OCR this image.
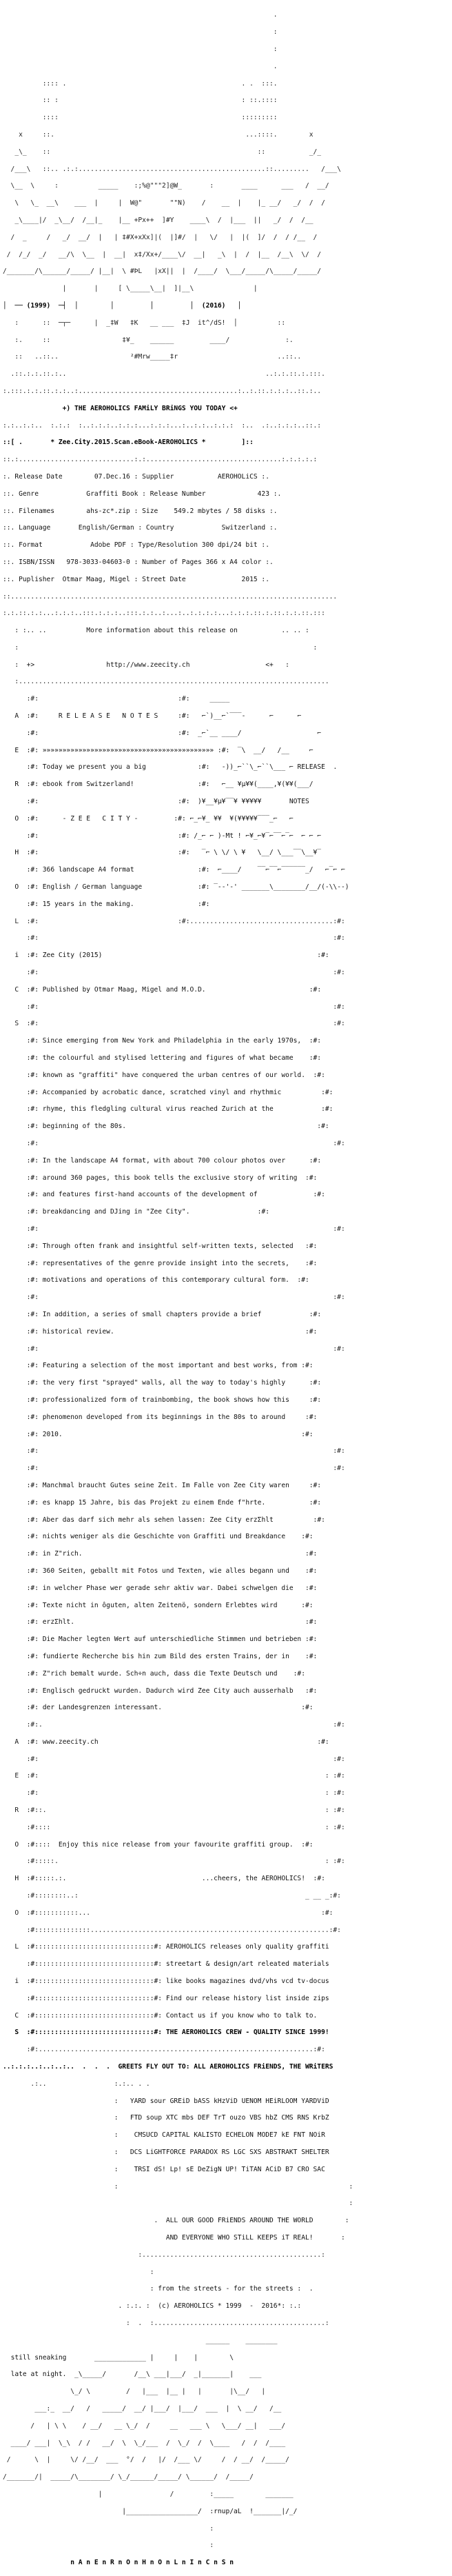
.

:

:

.

:::: .                                            . .  :::.

:: :                                              : ::.::::

::::                                              :::::::::

x     ::.                                                ...::::.        x

_\_    ::                                                    ::           _/_

/___\   ::.. .:.:...............................................::.........   /___\

\__  \     :          _____    :;%@"""2]@W_       :       ____      ___   /  __/

\   \_  __\    ___  |     |  W@"       ""N)    /    __  |    |_ __/   _/  /  /

_\____|/  _\__/  /__|_    |__ +Px++  ]#Y    ____\  /  |___  ||   _/  /  /__

/  _     /   _/  __/  |   | ‡#X+xXx]|(  |]#/  |   \/   |  |(  ]/  /  / /__  /

/  /_/  _/   __/\  \__  |  __|  x‡/Xx+/____\/  __|   _\  |  /  |__  /__\  \/  /

/_______/\______/_____/ |__|  \ #ÞL   |xX||  |  /____/  \___/_____/\_____/_____/

|       |     [ \_____\__|  ]|__\               |

│  ── (1999)  ─┤  │        │         │         │  (2016)   │

:      ::  ─┬─      |  _‡W   ‡K   __ ___  ‡J  it^/dS!  │          ::

:.     ::                  ‡¥_    ______         ____/              :.

::   ..::..                  ²#Mrw_____‡r                         ..::..

.::.:.:.::.:..                                                  ..:.:.::.:.:::.

:.:::.:.:.::.:.:..:........................................:..:.::.:.:.:..::.:..

+) THE AEROHOLICS FAMiLY BRiNGS YOU TODAY <+

:.:..:.:..  :.:.:  :..:.:.:..:.:.:...:.:.:...:..:.:..:.:.:  :..  .:..:.:.:..::.:

::[ .       * Zee.City.2015.Scan.eBook-AEROHOLICS *         ]::

::.:.............................:.:..................................:.:.:.:.:

:. Release Date        07.Dec.16 : Supplier           AEROHOLiCS :.

::. Genre            Graffiti Book : Release Number             423 :.

::. Filenames        ahs-zc*.zip : Size    549.2 mbytes / 58 disks :.

::. Language       English/German : Country            Switzerland :.

::. Format            Adobe PDF : Type/Resolution 300 dpi/24 bit :.

::. ISBN/ISSN   978-3033-04603-0 : Number of Pages 366 x A4 color :.

::. Puplisher  Otmar Maag, Migel : Street Date              2015 :.

::..................................................................................

:.:.::.:.:...:.:.:..:::.:.:.:..:::.:.:..:...:..:.:.:.:...:.:.:.::.:.::.:.:.::.:::

: :.. ..          More information about this release on           .. .. :

:                                                                          :

:  +>                  http://www.zeecity.ch                   <+   :

:..............................................................................

:#:                                   :#:     _____

A  :#:     R E L E A S E   N O T E S     :#:   ⌐`)__⌐`‾‾‾-      ⌐      ⌐

:#:                                   :#:  _⌐`__ ____/                   ⌐

E  :#: »»»»»»»»»»»»»»»»»»»»»»»»»»»»»»»»»»»»»»»»»»» :#:  ‾\  __/   /__     ⌐

:#: Today we present you a big             :#:   -))_⌐``\_⌐``\___ ⌐ RELEASE  .

R  :#: ebook from Switzerland!                :#:   ⌐__ ¥µ¥¥(____,¥(¥¥(___/

:#:                                   :#:  )¥__¥µ¥‾‾¥ ¥¥¥¥¥       NOTES

O  :#:      - Z E E   C I T Y -         :#: ⌐_⌐¥_ ¥¥  ¥(¥¥¥¥¥‾‾‾_⌐   ⌐

:#:                                   :#: /_⌐ ⌐ )-Mt ! ⌐¥_⌐¥‾⌐‾‾⌐‾⌐  ⌐ ⌐ ⌐

H  :#:                                   :#:   ‾⌐ \ \/ \ ¥   \__/ \___‾‾\__¥‾

:#: 366 landscape A4 format                :#:  ⌐____/    ‾‾⌐‾‾⌐‾‾‾‾‾‾_/   ⌐‾⌐ ⌐

O  :#: English / German language              :#: ‾--'-' _______\________/__/(-\\--)

:#: 15 years in the making.                :#:

L  :#:                                   :#:....................................:#:

:#:                                                                          :#:

i  :#: Zee City (2015)                                                      :#:

:#:                                                                          :#:

C  :#: Published by Otmar Maag, Migel and M.O.D.                          :#:

:#:                                                                          :#:

S  :#:                                                                          :#:

:#: Since emerging from New York and Philadelphia in the early 1970s,  :#:

:#: the colourful and stylised lettering and figures of what became    :#:

:#: known as "graffiti" have conquered the urban centres of our world.  :#:

:#: Accompanied by acrobatic dance, scratched vinyl and rhythmic          :#:

:#: rhyme, this fledgling cultural virus reached Zurich at the            :#:

:#: beginning of the 80s.                                                :#:

:#:                                                                          :#:

:#: In the landscape A4 format, with about 700 colour photos over      :#:

:#: around 360 pages, this book tells the exclusive story of writing  :#:

:#: and features first-hand accounts of the development of              :#:

:#: breakdancing and DJing in "Zee City".                 :#:

:#:                                                                          :#:

:#: Through often frank and insightful self-written texts, selected   :#:

:#: representatives of the genre provide insight into the secrets,    :#:

:#: motivations and operations of this contemporary cultural form.  :#:

:#:                                                                          :#:

:#: In addition, a series of small chapters provide a brief            :#:

:#: historical review.                                                :#:

:#:                                                                          :#:

:#: Featuring a selection of the most important and best works, from :#:

:#: the very first "sprayed" walls, all the way to today's highly      :#:

:#: professionalized form of trainbombing, the book shows how this     :#:

:#: phenomenon developed from its beginnings in the 80s to around     :#:

:#: 2010.                                                            :#:

:#:                                                                          :#:

:#:                                                                          :#:

:#: Manchmal braucht Gutes seine Zeit. Im Falle von Zee City waren     :#:

:#: es knapp 15 Jahre, bis das Projekt zu einem Ende f"hrte.           :#:

:#: Aber das darf sich mehr als sehen lassen: Zee City erzΣhlt          :#:

:#: nichts weniger als die Geschichte von Graffiti und Breakdance    :#:

:#: in Z"rich.                                                        :#:

:#: 360 Seiten, geballt mit Fotos und Texten, wie alles begann und    :#:

:#: in welcher Phase wer gerade sehr aktiv war. Dabei schwelgen die   :#:

:#: Texte nicht in ôguten, alten Zeitenö, sondern Erlebtes wird      :#:

:#: erzΣhlt.                                                          :#:

:#: Die Macher legten Wert auf unterschiedliche Stimmen und betrieben :#:

:#: fundierte Recherche bis hin zum Bild des ersten Trains, der in    :#:

:#: Z"rich bemalt wurde. Sch÷n auch, dass die Texte Deutsch und    :#:

:#: Englisch gedruckt wurden. Dadurch wird Zee City auch ausserhalb   :#:

:#: der Landesgrenzen interessant.                                   :#:

:#:.                                                                         :#:

A  :#: www.zeecity.ch                                                       :#:

:#:                                                                          :#:

E  :#:                                                                        : :#:

:#:                                                                        : :#:

R  :#::.                                                                      : :#:

:#::::                                                                     : :#:

O  :#::::  Enjoy this nice release from your favourite graffiti group.  :#:

:#:::::.                                                                   : :#:

H  :#:::::.:.                                  ...cheers, the AEROHOLICS!  :#:

:#::::::::..:                                                         _ __ _:#:

O  :#:::::::::::...                                                          :#:

:#::::::::::::::............................................................:#:

L  :#::::::::::::::::::::::::::::::#: AEROHOLICS releases only quality graffiti

:#::::::::::::::::::::::::::::::#: streetart & design/art releated materials

i  :#::::::::::::::::::::::::::::::#: like books magazines dvd/vhs vcd tv-docus

:#::::::::::::::::::::::::::::::#: Find our release history list inside zips

C  :#::::::::::::::::::::::::::::::#: Contact us if you know who to talk to.

S  :#::::::::::::::::::::::::::::::#: THE AEROHOLICS CREW - QUALITY SINCE 1999!

:#:.....................................................................:#:

..:.:.:..:..:..:..  .  .  .  GREETS FLY OUT TO: ALL AEROHOLICS FRiENDS, THE WRiTERS

.:..                 :.:.. . .

:   YARD sour GREiD bASS kHzViD UENOM HEiRLOOM YARDViD

:   FTD soup XTC mbs DEF TrT ouzo VBS hbZ CMS RNS KrbZ

:    CMSUCD CAPITAL KALISTO ECHELON MODE7 kE FNT NOiR

:   DCS LiGHTFORCE PARADOX RS LGC SXS ABSTRAKT SHELTER

:    TRSI dS! Lp! sE DeZigN UP! TiTAN ACiD B7 CRO SAC

:                                                          :

:

.  ALL OUR GOOD FRiENDS AROUND THE WORLD        :

AND EVERYONE WHO STiLL KEEPS iT REAL!       :

:.............................................:

:

: from the streets - for the streets :  .

. :.:. :  (c) AEROHOLICS * 1999  -  2016*: :.:

:  .  :...........................................:

______    ________

still sneaking       _____________ |     |    |        \

late at night.  _\_____/       /__\ ___|___/  _|_______|    ___

\_/ \         /   |___  |__ |   |       |\__/   |

___:_  __/   /   _____/  __/ |___/  |___/  ___  |  \ __/   /__

/   | \ \    / __/   __ \_/  /     __   ___ \   \___/ __|   ___/

____/ ___|  \_\  / /   __/  \  \_/___  /  \_/  /  \____   /  /  /____

/      \  |     \/ /__/  ___  °/  /   |/  /___ \/     /  / __/  /_____/

/_______/|  _____/\________/ \_/______/_____/ \______/  /_____/

|                 /         :_____        _______

|__________________/  :rnup/aL  !_______|/_/

:

:

n A n E n R n O n H n O n L n I n C n S n
